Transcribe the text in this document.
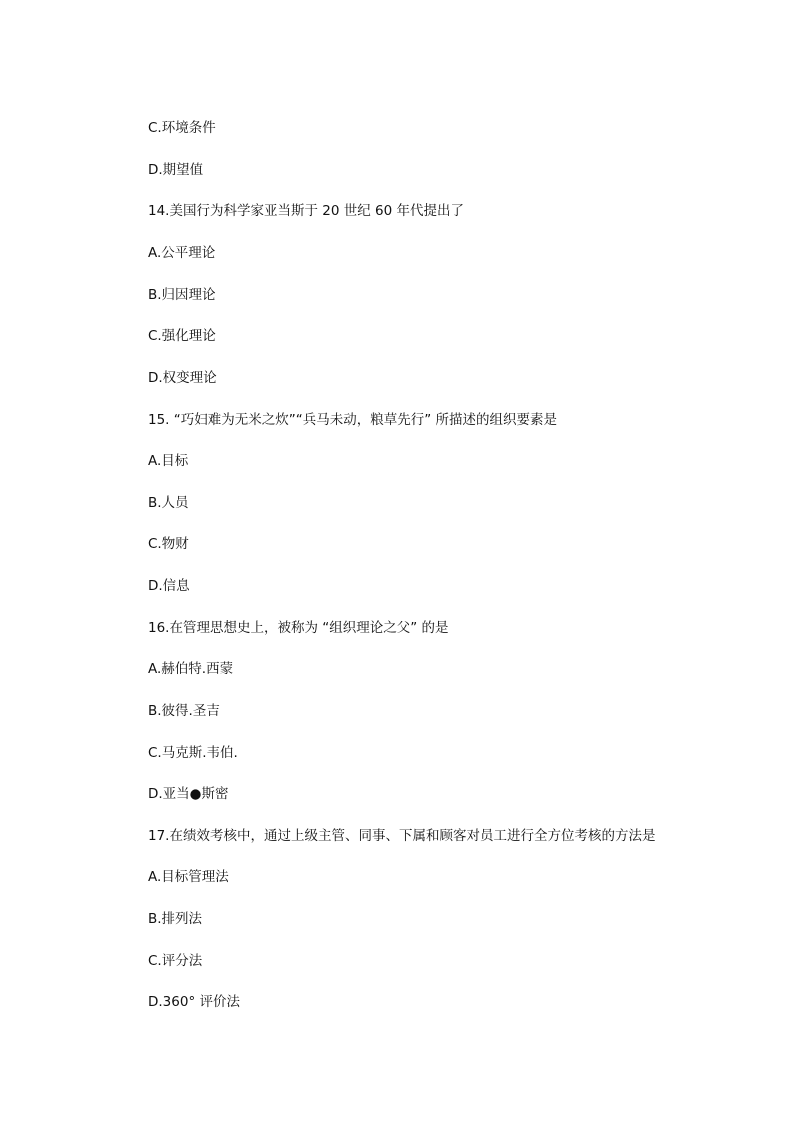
C.环境条件
D.期望值
14.美国行为科学家亚当斯于 20 世纪 60 年代提出了
A.公平理论
B.归因理论
C.强化理论
D.权变理论
15. “巧妇难为无米之炊”“兵马未动，粮草先行” 所描述的组织要素是
A.目标
B.人员
C.物财
D.信息
16.在管理思想史上，被称为 “组织理论之父” 的是
A.赫伯特.西蒙
B.彼得.圣吉
C.马克斯.韦伯.
D.亚当●斯密
17.在绩效考核中，通过上级主管、同事、下属和顾客对员工进行全方位考核的方法是
A.目标管理法
B.排列法
C.评分法
D.360° 评价法
